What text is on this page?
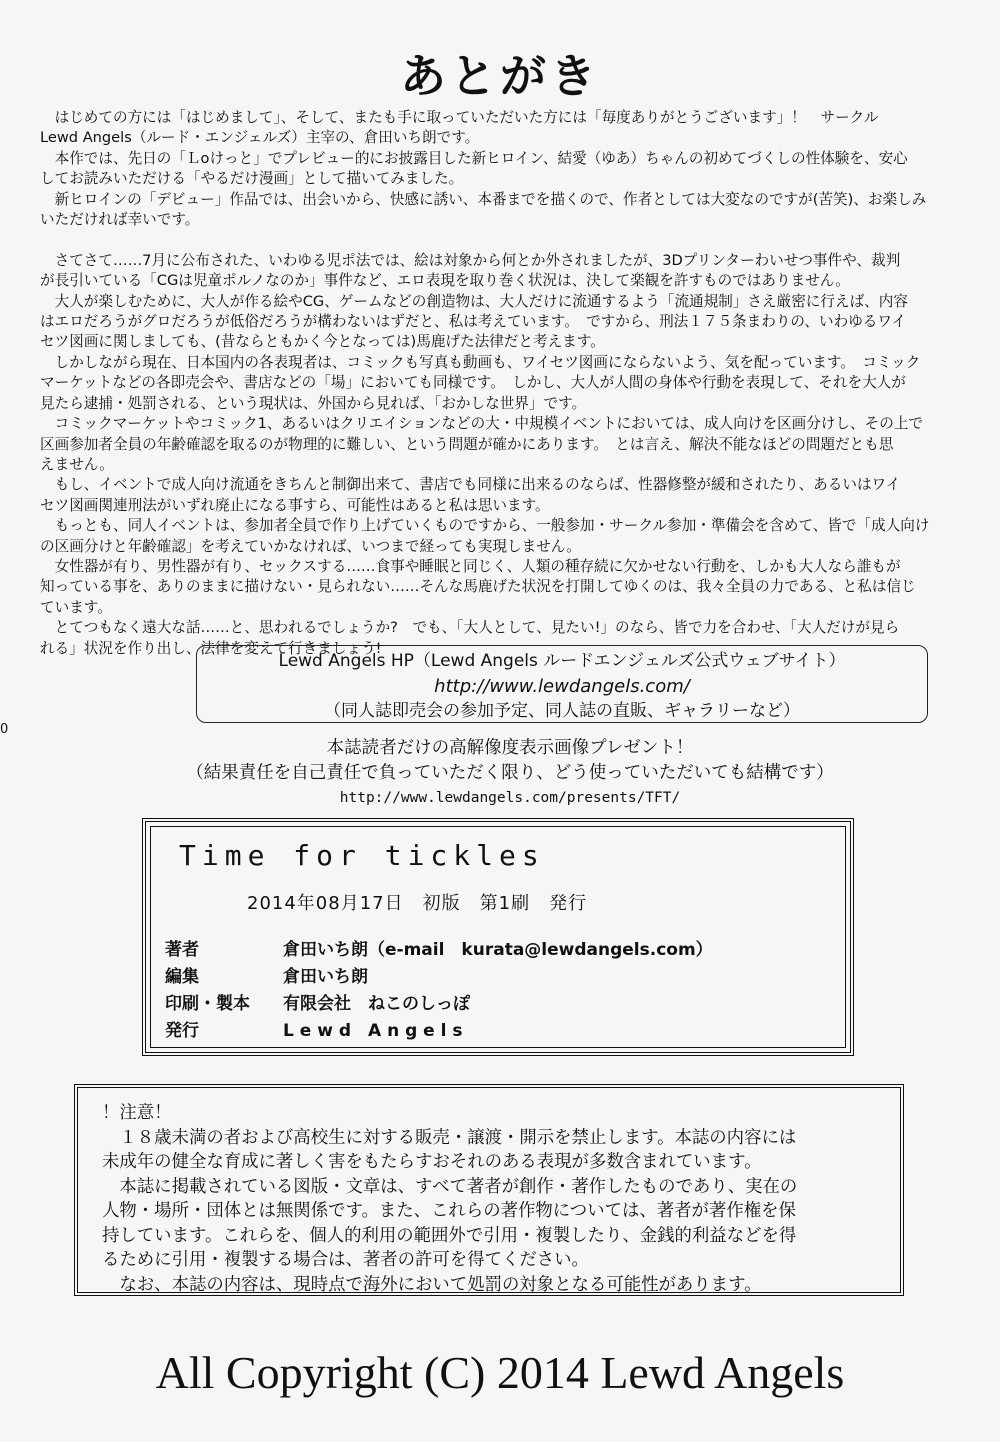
あとがき
　はじめての方には「はじめまして」、そして、またも手に取っていただいた方には「毎度ありがとうございます」！　サークル
Lewd Angels（ルード・エンジェルズ）主宰の、倉田いち朗です。
　本作では、先日の「Ｌoけっと」でプレビュー的にお披露目した新ヒロイン、結愛（ゆあ）ちゃんの初めてづくしの性体験を、安心
してお読みいただける「やるだけ漫画」として描いてみました。
　新ヒロインの「デビュー」作品では、出会いから、快感に誘い、本番までを描くので、作者としては大変なのですが(苦笑)、お楽しみ
いただければ幸いです。

　さてさて……7月に公布された、いわゆる児ポ法では、絵は対象から何とか外されましたが、3Dプリンターわいせつ事件や、裁判
が長引いている「CGは児童ポルノなのか」事件など、エロ表現を取り巻く状況は、決して楽観を許すものではありません。
　大人が楽しむために、大人が作る絵やCG、ゲームなどの創造物は、大人だけに流通するよう「流通規制」さえ厳密に行えば、内容
はエロだろうがグロだろうが低俗だろうが構わないはずだと、私は考えています。　ですから、刑法１７５条まわりの、いわゆるワイ
セツ図画に関しましても、(昔ならともかく今となっては)馬鹿げた法律だと考えます。
　しかしながら現在、日本国内の各表現者は、コミックも写真も動画も、ワイセツ図画にならないよう、気を配っています。　コミック
マーケットなどの各即売会や、書店などの「場」においても同様です。　しかし、大人が人間の身体や行動を表現して、それを大人が
見たら逮捕・処罰される、という現状は、外国から見れば、「おかしな世界」です。
　コミックマーケットやコミック1、あるいはクリエイションなどの大・中規模イベントにおいては、成人向けを区画分けし、その上で
区画参加者全員の年齢確認を取るのが物理的に難しい、という問題が確かにあります。　とは言え、解決不能なほどの問題だとも思
えません。
　もし、イベントで成人向け流通をきちんと制御出来て、書店でも同様に出来るのならば、性器修整が緩和されたり、あるいはワイ
セツ図画関連刑法がいずれ廃止になる事すら、可能性はあると私は思います。
　もっとも、同人イベントは、参加者全員で作り上げていくものですから、一般参加・サークル参加・準備会を含めて、皆で「成人向け
の区画分けと年齢確認」を考えていかなければ、いつまで経っても実現しません。
　女性器が有り、男性器が有り、セックスする……食事や睡眠と同じく、人類の種存続に欠かせない行動を、しかも大人なら誰もが
知っている事を、ありのままに描けない・見られない……そんな馬鹿げた状況を打開してゆくのは、我々全員の力である、と私は信じ
ています。
　とてつもなく遠大な話……と、思われるでしょうか?　でも、「大人として、見たい!」のなら、皆で力を合わせ、「大人だけが見ら
れる」状況を作り出し、法律を変えて行きましょう!
Lewd Angels HP（Lewd Angels ルードエンジェルズ公式ウェブサイト）
http://www.lewdangels.com/
（同人誌即売会の参加予定、同人誌の直販、ギャラリーなど）
0
本誌読者だけの高解像度表示画像プレゼント！
（結果責任を自己責任で負っていただく限り、どう使っていただいても結構です）
http://www.lewdangels.com/presents/TFT/
Time for tickles
2014年08月17日　初版　第1刷　発行
著者	倉田いち朗（e-mail　kurata@lewdangels.com）
編集	倉田いち朗
印刷・製本 有限会社　ねこのしっぽ
発行	L e w d　A n g e l s
！注意！
　１８歳未満の者および高校生に対する販売・譲渡・開示を禁止します。本誌の内容には
未成年の健全な育成に著しく害をもたらすおそれのある表現が多数含まれています。
　本誌に掲載されている図版・文章は、すべて著者が創作・著作したものであり、実在の
人物・場所・団体とは無関係です。また、これらの著作物については、著者が著作権を保
持しています。これらを、個人的利用の範囲外で引用・複製したり、金銭的利益などを得
るために引用・複製する場合は、著者の許可を得てください。
　なお、本誌の内容は、現時点で海外において処罰の対象となる可能性があります。
All Copyright (C) 2014 Lewd Angels
